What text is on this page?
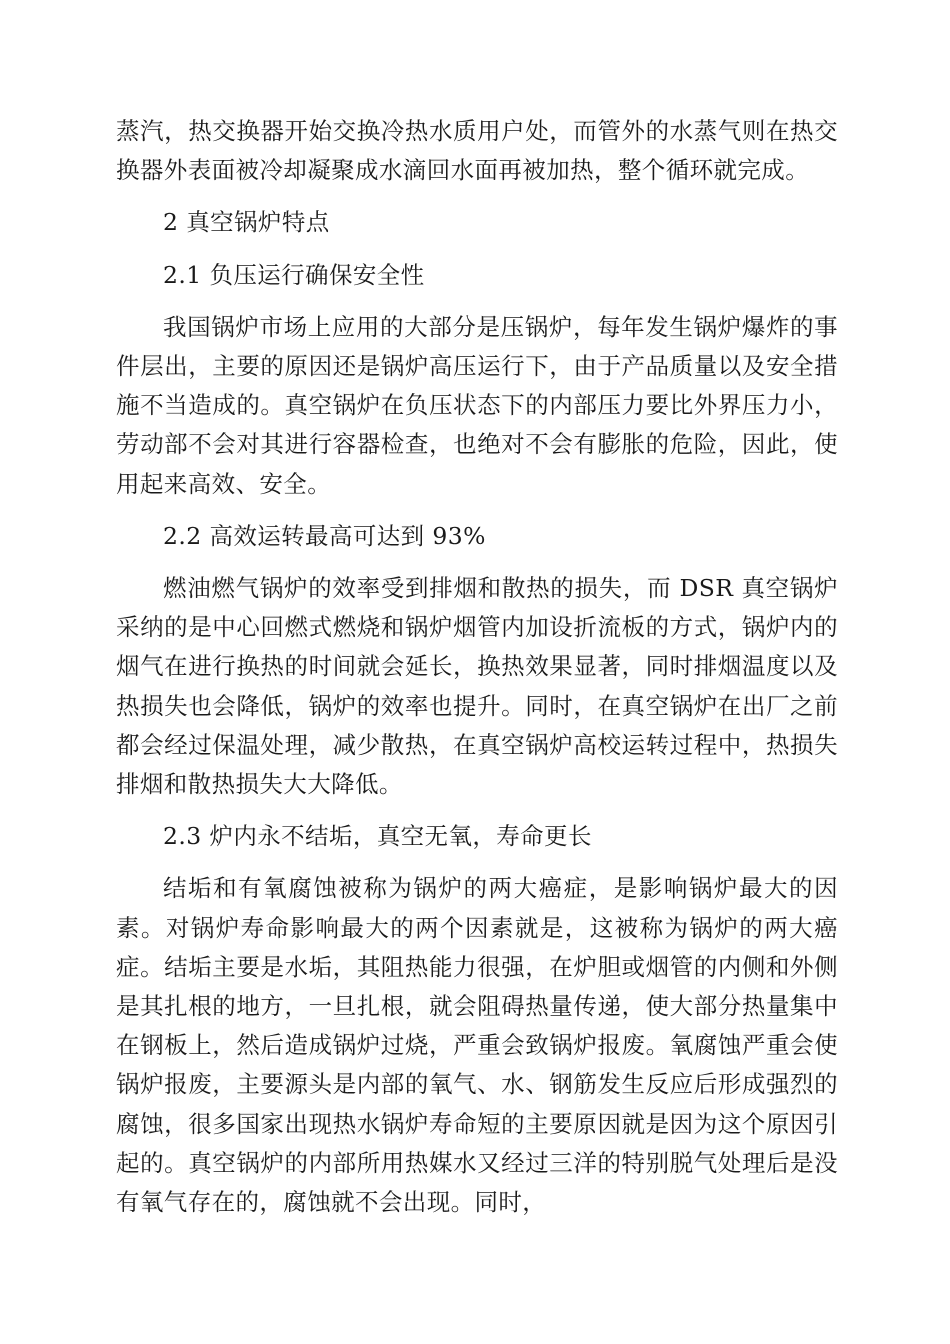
蒸汽，热交换器开始交换冷热水质用户处，而管外的水蒸气则在热交换器外表面被冷却凝聚成水滴回水面再被加热，整个循环就完成。

2 真空锅炉特点

2.1 负压运行确保安全性

我国锅炉市场上应用的大部分是压锅炉，每年发生锅炉爆炸的事件层出，主要的原因还是锅炉高压运行下，由于产品质量以及安全措施不当造成的。真空锅炉在负压状态下的内部压力要比外界压力小，劳动部不会对其进行容器检查，也绝对不会有膨胀的危险，因此，使用起来高效、安全。

2.2 高效运转最高可达到 93%

燃油燃气锅炉的效率受到排烟和散热的损失，而 DSR 真空锅炉采纳的是中心回燃式燃烧和锅炉烟管内加设折流板的方式，锅炉内的烟气在进行换热的时间就会延长，换热效果显著，同时排烟温度以及热损失也会降低，锅炉的效率也提升。同时，在真空锅炉在出厂之前都会经过保温处理，减少散热，在真空锅炉高校运转过程中，热损失排烟和散热损失大大降低。

2.3 炉内永不结垢，真空无氧，寿命更长

结垢和有氧腐蚀被称为锅炉的两大癌症，是影响锅炉最大的因素。对锅炉寿命影响最大的两个因素就是，这被称为锅炉的两大癌症。结垢主要是水垢，其阻热能力很强，在炉胆或烟管的内侧和外侧是其扎根的地方，一旦扎根，就会阻碍热量传递，使大部分热量集中在钢板上，然后造成锅炉过烧，严重会致锅炉报废。氧腐蚀严重会使锅炉报废，主要源头是内部的氧气、水、钢筋发生反应后形成强烈的腐蚀，很多国家出现热水锅炉寿命短的主要原因就是因为这个原因引起的。真空锅炉的内部所用热媒水又经过三洋的特别脱气处理后是没有氧气存在的，腐蚀就不会出现。同时，
